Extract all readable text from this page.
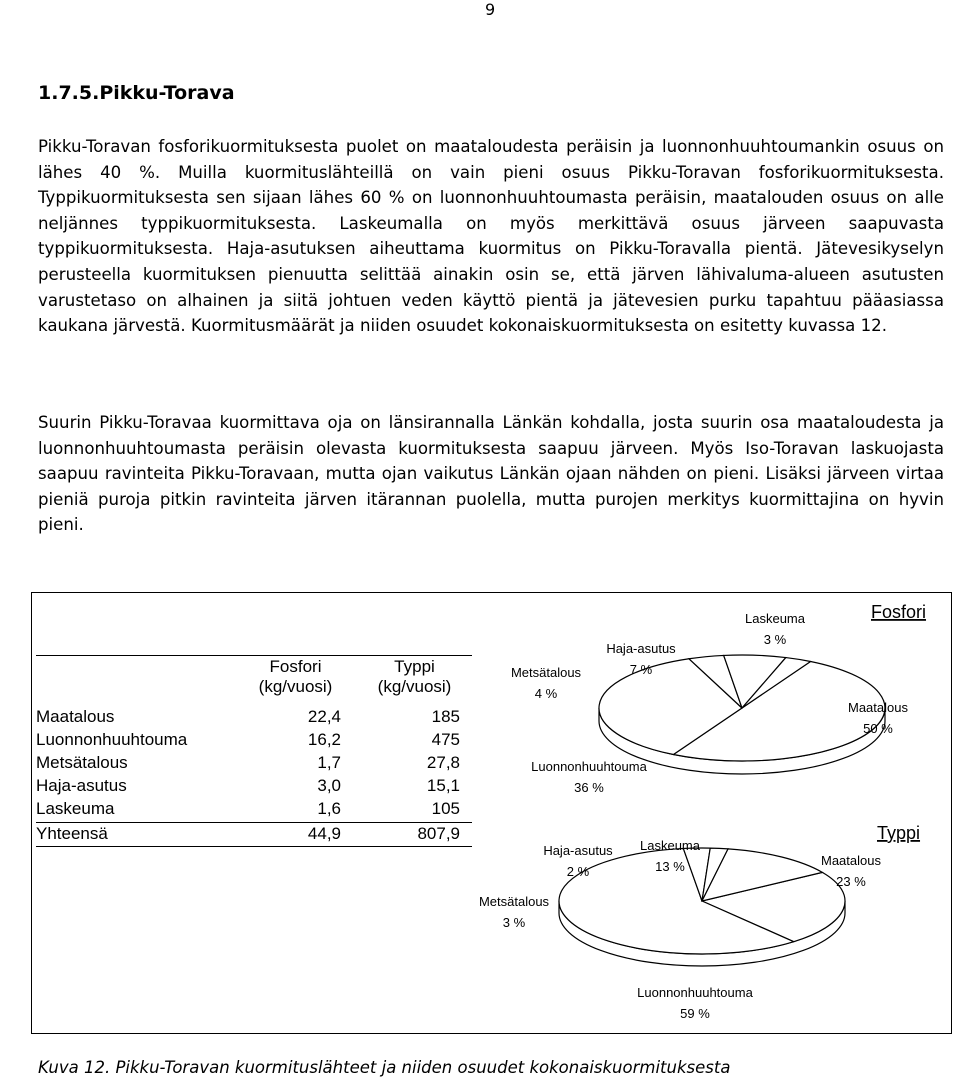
9
1.7.5.Pikku-Torava

Pikku-Toravan fosforikuormituksesta puolet on maataloudesta peräisin ja luonnonhuuhtoumankin osuus on lähes 40 %. Muilla kuormituslähteillä on vain pieni osuus Pikku-Toravan fosforikuormituksesta. Typpikuormituksesta sen sijaan lähes 60 % on luonnonhuuhtoumasta peräisin, maatalouden osuus on alle neljännes typpikuormituksesta. Laskeumalla on myös merkittävä osuus järveen saapuvasta typpikuormituksesta. Haja-asutuksen aiheuttama kuormitus on Pikku-Toravalla pientä. Jätevesikyselyn perusteella kuormituksen pienuutta selittää ainakin osin se, että järven lähivaluma-alueen asutusten varustetaso on alhainen ja siitä johtuen veden käyttö pientä ja jätevesien purku tapahtuu pääasiassa kaukana järvestä. Kuormitusmäärät ja niiden osuudet kokonaiskuormituksesta on esitetty kuvassa 12.

Suurin Pikku-Toravaa kuormittava oja on länsirannalla Länkän kohdalla, josta suurin osa maataloudesta ja luonnonhuuhtoumasta peräisin olevasta kuormituksesta saapuu järveen. Myös Iso-Toravan laskuojasta saapuu ravinteita Pikku-Toravaan, mutta ojan vaikutus Länkän ojaan nähden on pieni. Lisäksi järveen virtaa pieniä puroja pitkin ravinteita järven itärannan puolella, mutta purojen merkitys kuormittajina on hyvin pieni.

Fosfori
(kg/vuosi)
Typpi
(kg/vuosi)
Maatalous	22,4	185
Luonnonhuuhtouma	16,2	475
Metsätalous	1,7	27,8
Haja-asutus	3,0	15,1
Laskeuma	1,6	105
Yhteensä	44,9	807,9
Fosfori
Maatalous
50 %
Luonnonhuuhtouma
36 %
Metsätalous
4 %
Haja-asutus
7 %
Laskeuma
3 %
Typpi
Maatalous
23 %
Luonnonhuuhtouma
59 %
Metsätalous
3 %
Haja-asutus
2 %
Laskeuma
13 %

Kuva 12. Pikku-Toravan kuormituslähteet ja niiden osuudet kokonaiskuormituksesta
